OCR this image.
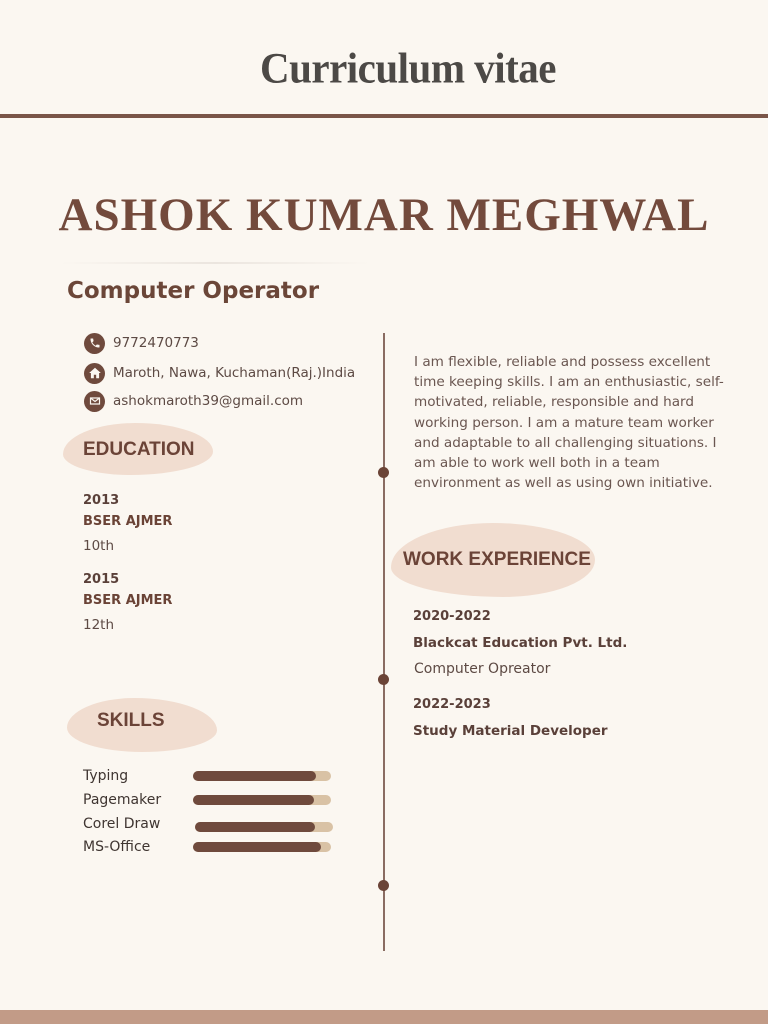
Curriculum vitae
ASHOK KUMAR MEGHWAL
Computer Operator
9772470773
Maroth, Nawa, Kuchaman(Raj.)India
ashokmaroth39@gmail.com
EDUCATION
2013
BSER AJMER
10th
2015
BSER AJMER
12th
SKILLS
Typing
Pagemaker
Corel Draw
MS-Office
I am flexible, reliable and possess excellent time keeping skills. I am an enthusiastic, self-motivated, reliable, responsible and hard working person. I am a mature team worker and adaptable to all challenging situations. I am able to work well both in a team environment as well as using own initiative.
WORK EXPERIENCE
2020-2022
Blackcat Education Pvt. Ltd.
Computer Opreator
2022-2023
Study Material Developer
